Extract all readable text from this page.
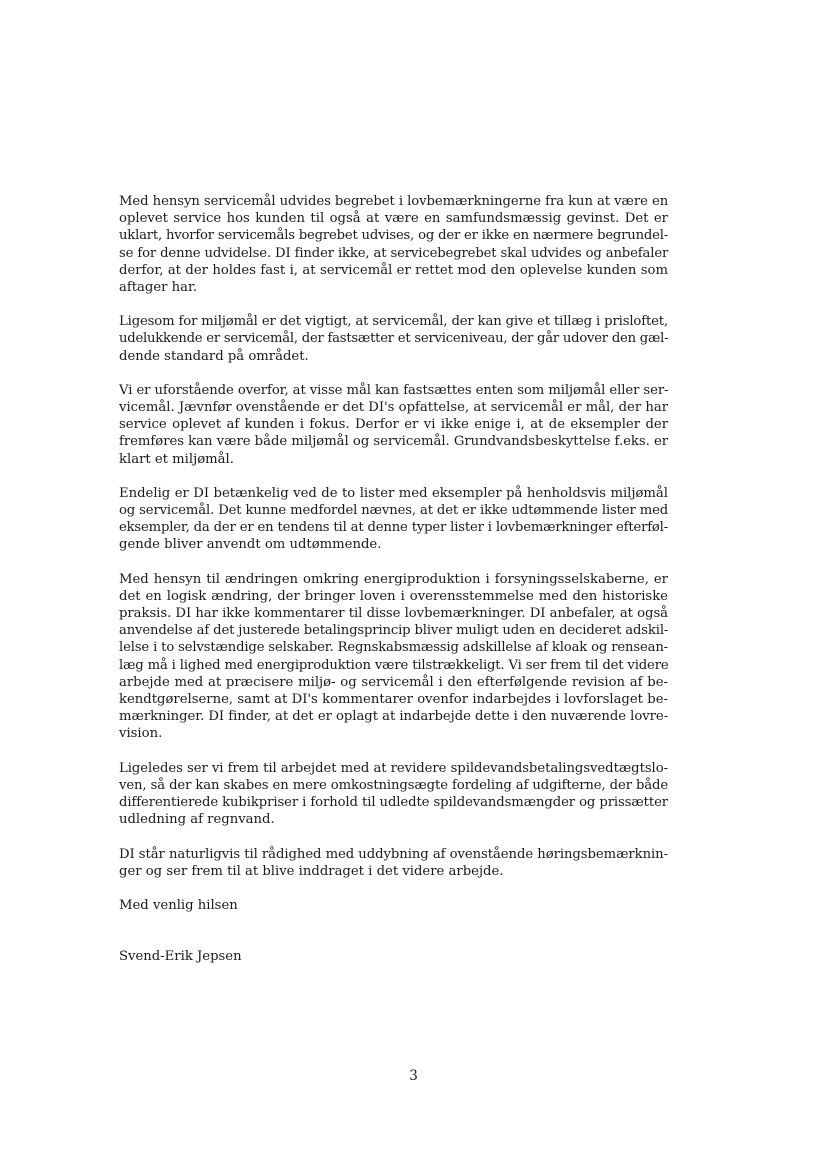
Med hensyn servicemål udvides begrebet i lovbemærkningerne fra kun at være en
oplevet service hos kunden til også at være en samfundsmæssig gevinst. Det er
uklart, hvorfor servicemåls begrebet udvises, og der er ikke en nærmere begrundel-
se for denne udvidelse. DI finder ikke, at servicebegrebet skal udvides og anbefaler
derfor, at der holdes fast i, at servicemål er rettet mod den oplevelse kunden som
aftager har.

Ligesom for miljømål er det vigtigt, at servicemål, der kan give et tillæg i prisloftet,
udelukkende er servicemål, der fastsætter et serviceniveau, der går udover den gæl-
dende standard på området.

Vi er uforstående overfor, at visse mål kan fastsættes enten som miljømål eller ser-
vicemål. Jævnfør ovenstående er det DI's opfattelse, at servicemål er mål, der har
service oplevet af kunden i fokus. Derfor er vi ikke enige i, at de eksempler der
fremføres kan være både miljømål og servicemål. Grundvandsbeskyttelse f.eks. er
klart et miljømål.

Endelig er DI betænkelig ved de to lister med eksempler på henholdsvis miljømål
og servicemål. Det kunne medfordel nævnes, at det er ikke udtømmende lister med
eksempler, da der er en tendens til at denne typer lister i lovbemærkninger efterføl-
gende bliver anvendt om udtømmende.

Med hensyn til ændringen omkring energiproduktion i forsyningsselskaberne, er
det en logisk ændring, der bringer loven i overensstemmelse med den historiske
praksis. DI har ikke kommentarer til disse lovbemærkninger. DI anbefaler, at også
anvendelse af det justerede betalingsprincip bliver muligt uden en decideret adskil-
lelse i to selvstændige selskaber. Regnskabsmæssig adskillelse af kloak og rensean-
læg må i lighed med energiproduktion være tilstrækkeligt. Vi ser frem til det videre
arbejde med at præcisere miljø- og servicemål i den efterfølgende revision af be-
kendtgørelserne, samt at DI's kommentarer ovenfor indarbejdes i lovforslaget be-
mærkninger. DI finder, at det er oplagt at indarbejde dette i den nuværende lovre-
vision.

Ligeledes ser vi frem til arbejdet med at revidere spildevandsbetalingsvedtægtslo-
ven, så der kan skabes en mere omkostningsægte fordeling af udgifterne, der både
differentierede kubikpriser i forhold til udledte spildevandsmængder og prissætter
udledning af regnvand.

DI står naturligvis til rådighed med uddybning af ovenstående høringsbemærknin-
ger og ser frem til at blive inddraget i det videre arbejde.

Med venlig hilsen
Svend-Erik Jepsen
3
